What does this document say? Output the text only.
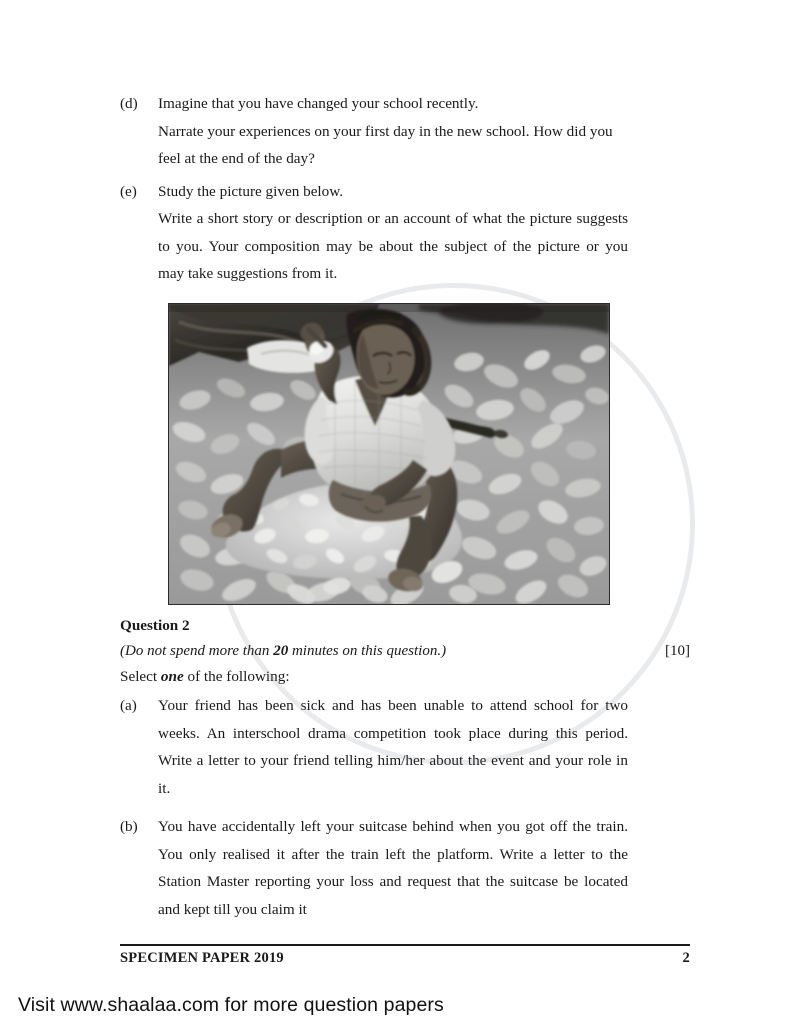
(d)	Imagine that you have changed your school recently.
Narrate your experiences on your first day in the new school. How did you
feel at the end of the day?
(e)	Study the picture given below.
Write a short story or description or an account of what the picture suggests
to you. Your composition may be about the subject of the picture or you
may take suggestions from it.
Question 2
(Do not spend more than 20 minutes on this question.)	[10]
Select one of the following:
(a)	Your friend has been sick and has been unable to attend school for two
weeks. An interschool drama competition took place during this period.
Write a letter to your friend telling him/her about the event and your role in
it.
(b)	You have accidentally left your suitcase behind when you got off the train.
You only realised it after the train left the platform. Write a letter to the
Station Master reporting your loss and request that the suitcase be located
and kept till you claim it
SPECIMEN PAPER 2019	2
Visit www.shaalaa.com for more question papers
